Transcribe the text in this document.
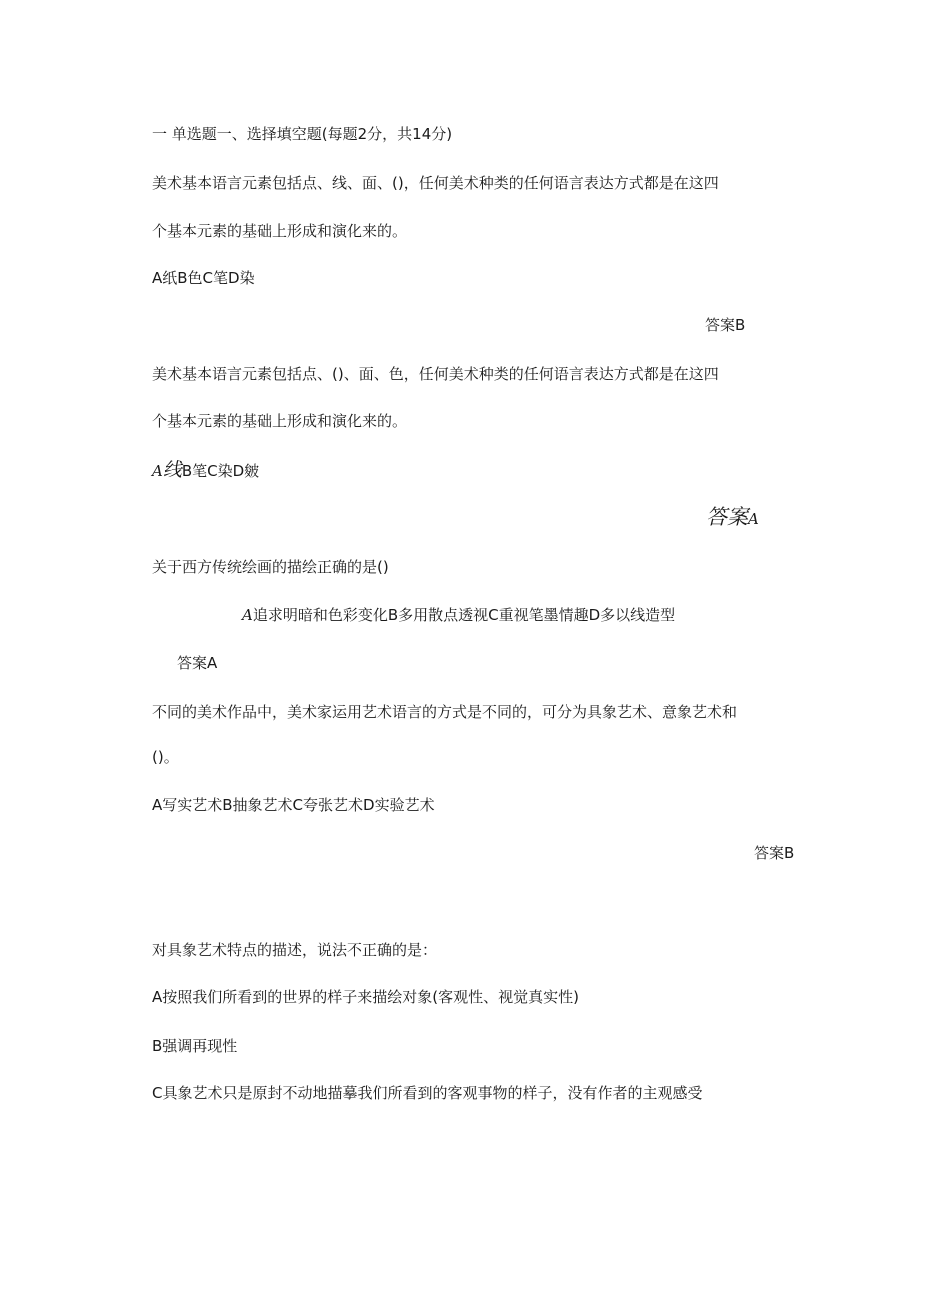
一 单选题一、选择填空题(每题2分，共14分)
美术基本语言元素包括点、线、面、()，任何美术种类的任何语言表达方式都是在这四
个基本元素的基础上形成和演化来的。
A纸B色C笔D染
答案B
美术基本语言元素包括点、()、面、色，任何美术种类的任何语言表达方式都是在这四
个基本元素的基础上形成和演化来的。
A线B笔C染D皴
答案A
关于西方传统绘画的描绘正确的是()
A追求明暗和色彩变化B多用散点透视C重视笔墨情趣D多以线造型
答案A
不同的美术作品中，美术家运用艺术语言的方式是不同的，可分为具象艺术、意象艺术和
()。
A写实艺术B抽象艺术C夸张艺术D实验艺术
答案B
对具象艺术特点的描述，说法不正确的是：
A按照我们所看到的世界的样子来描绘对象(客观性、视觉真实性)
B强调再现性
C具象艺术只是原封不动地描摹我们所看到的客观事物的样子，没有作者的主观感受
